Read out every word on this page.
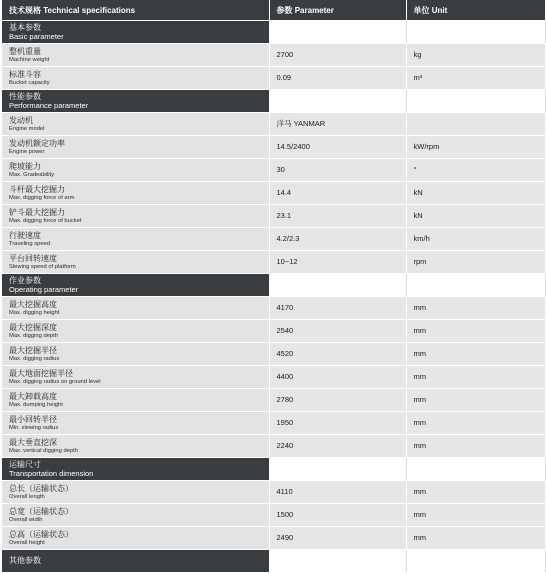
技术规格 Technical specifications	参数 Parameter	单位 Unit

基本参数
Basic parameter		

整机重量
Machine weight	2700	kg

标准斗容
Bucket capacity	0.09	m³

性能参数
Performance parameter		

发动机
Engine model	洋马 YANMAR	

发动机额定功率
Engine power	14.5/2400	kW/rpm

爬坡能力
Max. Gradeability	30	°

斗杆最大挖掘力
Max. digging force of arm	14.4	kN

铲斗最大挖掘力
Max. digging force of bucket	23.1	kN

行驶速度
Traveling speed	4.2/2.3	km/h

平台回转速度
Slewing speed of platform	10~12	rpm

作业参数
Operating parameter		

最大挖掘高度
Max. digging height	4170	mm

最大挖掘深度
Max. digging depth	2540	mm

最大挖掘半径
Max. digging radius	4520	mm

最大地面挖掘半径
Max. digging radius on ground level	4400	mm

最大卸载高度
Max. dumping height	2780	mm

最小回转半径
Min. slewing radius	1950	mm

最大垂直挖深
Max. vertical digging depth	2240	mm

运输尺寸
Transportation dimension		

总长（运输状态）
Overall length	4110	mm

总宽（运输状态）
Overall width	1500	mm

总高（运输状态）
Overall height	2490	mm

其他参数		
